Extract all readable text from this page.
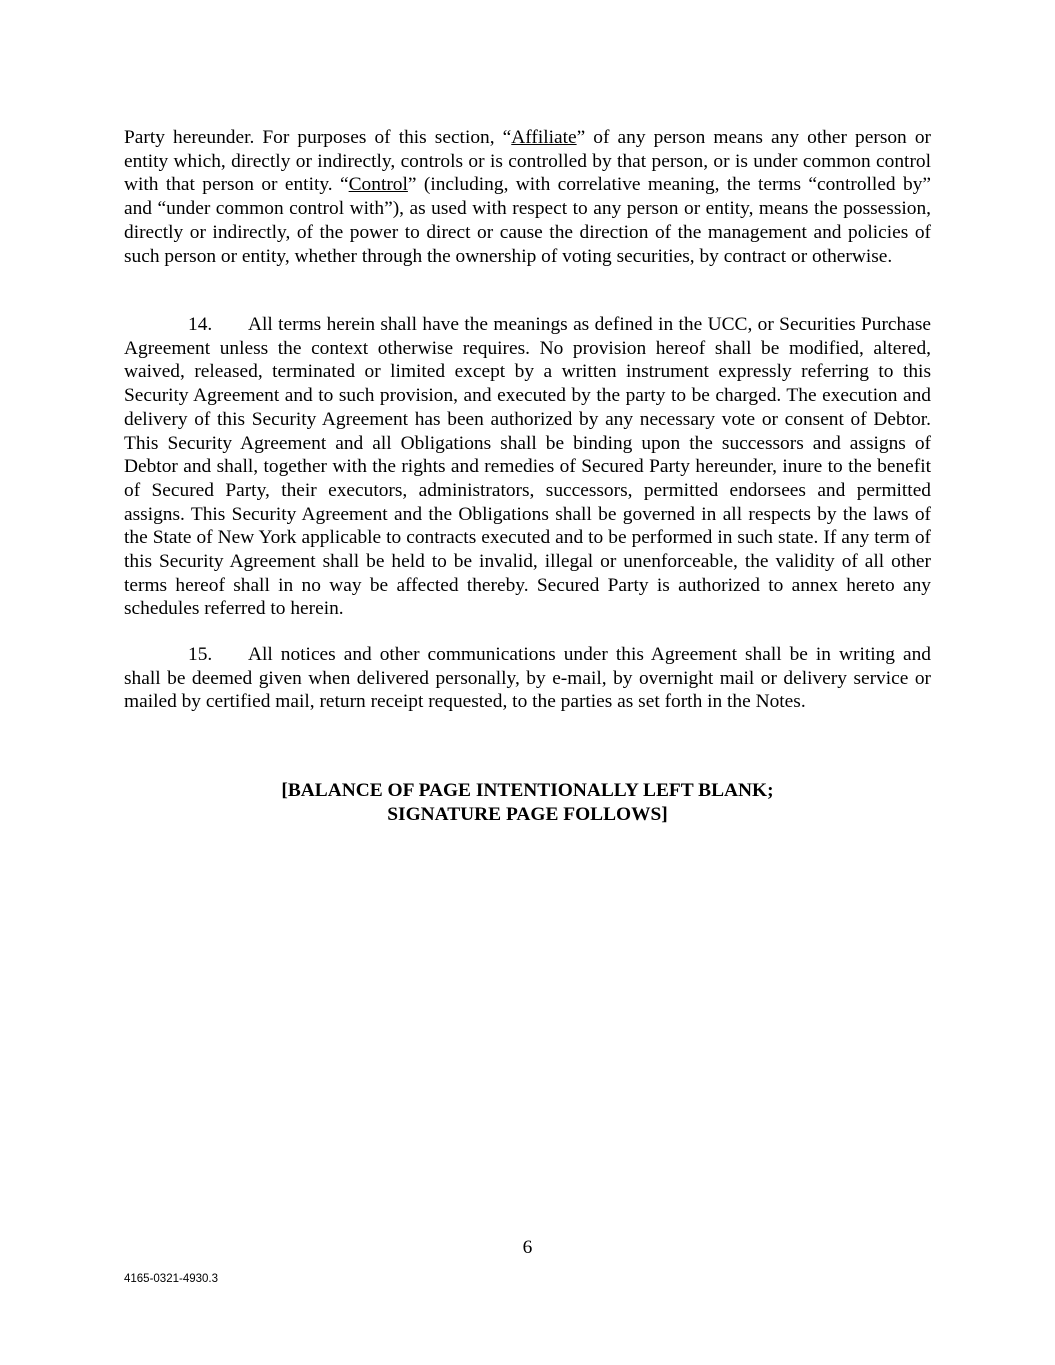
Party hereunder. For purposes of this section, “Affiliate” of any person means any other person or entity which, directly or indirectly, controls or is controlled by that person, or is under common control with that person or entity. “Control” (including, with correlative meaning, the terms “controlled by” and “under common control with”), as used with respect to any person or entity, means the possession, directly or indirectly, of the power to direct or cause the direction of the management and policies of such person or entity, whether through the ownership of voting securities, by contract or otherwise.

14. All terms herein shall have the meanings as defined in the UCC, or Securities Purchase Agreement unless the context otherwise requires. No provision hereof shall be modified, altered, waived, released, terminated or limited except by a written instrument expressly referring to this Security Agreement and to such provision, and executed by the party to be charged. The execution and delivery of this Security Agreement has been authorized by any necessary vote or consent of Debtor. This Security Agreement and all Obligations shall be binding upon the successors and assigns of Debtor and shall, together with the rights and remedies of Secured Party hereunder, inure to the benefit of Secured Party, their executors, administrators, successors, permitted endorsees and permitted assigns. This Security Agreement and the Obligations shall be governed in all respects by the laws of the State of New York applicable to contracts executed and to be performed in such state. If any term of this Security Agreement shall be held to be invalid, illegal or unenforceable, the validity of all other terms hereof shall in no way be affected thereby. Secured Party is authorized to annex hereto any schedules referred to herein.

15. All notices and other communications under this Agreement shall be in writing and shall be deemed given when delivered personally, by e-mail, by overnight mail or delivery service or mailed by certified mail, return receipt requested, to the parties as set forth in the Notes.

[BALANCE OF PAGE INTENTIONALLY LEFT BLANK;
SIGNATURE PAGE FOLLOWS]

6
4165-0321-4930.3
